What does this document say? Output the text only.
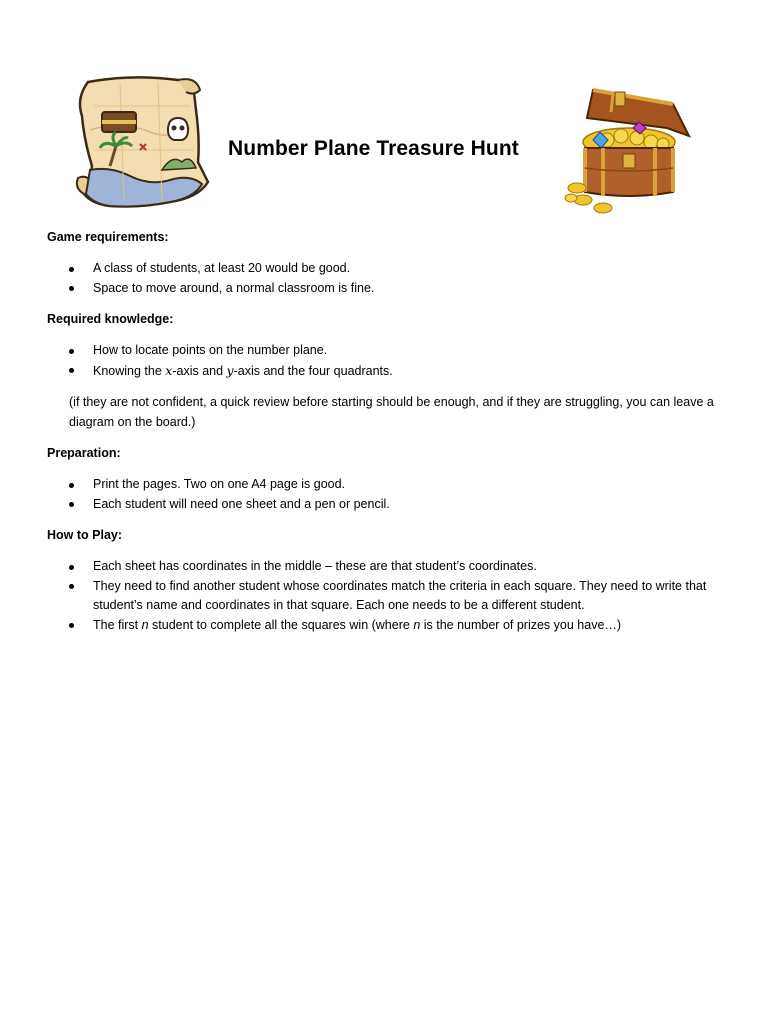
Number Plane Treasure Hunt

Game requirements:

A class of students, at least 20 would be good.
Space to move around, a normal classroom is fine.

Required knowledge:

How to locate points on the number plane.
Knowing the x-axis and y-axis and the four quadrants.

(if they are not confident, a quick review before starting should be enough, and if they are struggling, you can leave a diagram on the board.)

Preparation:

Print the pages. Two on one A4 page is good.
Each student will need one sheet and a pen or pencil.

How to Play:

Each sheet has coordinates in the middle – these are that student’s coordinates.
They need to find another student whose coordinates match the criteria in each square. They need to write that student’s name and coordinates in that square. Each one needs to be a different student.
The first n student to complete all the squares win (where n is the number of prizes you have…)
